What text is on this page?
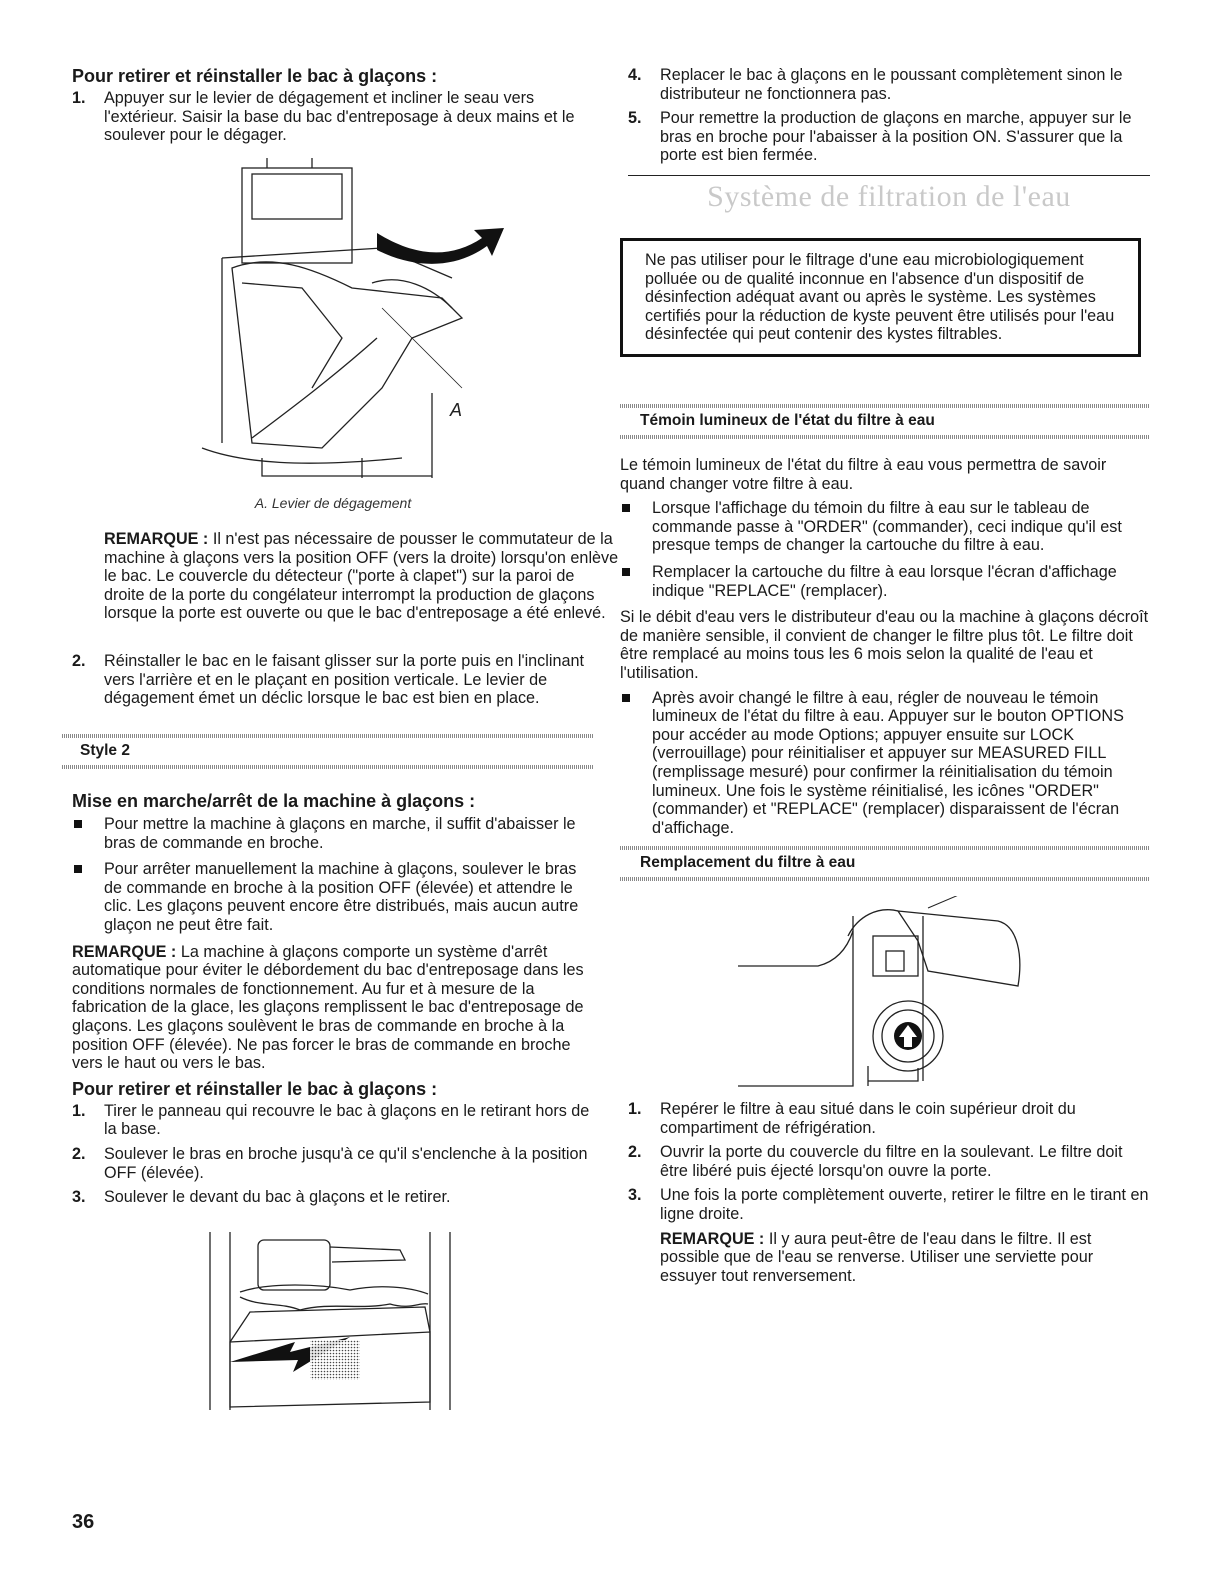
Pour retirer et réinstaller le bac à glaçons :
1. Appuyer sur le levier de dégagement et incliner le seau vers l'extérieur. Saisir la base du bac d'entreposage à deux mains et le soulever pour le dégager.
A
A. Levier de dégagement

REMARQUE : Il n'est pas nécessaire de pousser le commutateur de la machine à glaçons vers la position OFF (vers la droite) lorsqu'on enlève le bac. Le couvercle du détecteur ("porte à clapet") sur la paroi de droite de la porte du congélateur interrompt la production de glaçons lorsque la porte est ouverte ou que le bac d'entreposage a été enlevé.

2. Réinstaller le bac en le faisant glisser sur la porte puis en l'inclinant vers l'arrière et en le plaçant en position verticale. Le levier de dégagement émet un déclic lorsque le bac est bien en place.
Style 2
Mise en marche/arrêt de la machine à glaçons :
Pour mettre la machine à glaçons en marche, il suffit d'abaisser le bras de commande en broche.
Pour arrêter manuellement la machine à glaçons, soulever le bras de commande en broche à la position OFF (élevée) et attendre le clic. Les glaçons peuvent encore être distribués, mais aucun autre glaçon ne peut être fait.

REMARQUE : La machine à glaçons comporte un système d'arrêt automatique pour éviter le débordement du bac d'entreposage dans les conditions normales de fonctionnement. Au fur et à mesure de la fabrication de la glace, les glaçons remplissent le bac d'entreposage de glaçons. Les glaçons soulèvent le bras de commande en broche à la position OFF (élevée). Ne pas forcer le bras de commande en broche vers le haut ou vers le bas.

Pour retirer et réinstaller le bac à glaçons :
1. Tirer le panneau qui recouvre le bac à glaçons en le retirant hors de la base.
2. Soulever le bras en broche jusqu'à ce qu'il s'enclenche à la position OFF (élevée).
3. Soulever le devant du bac à glaçons et le retirer.
4. Replacer le bac à glaçons en le poussant complètement sinon le distributeur ne fonctionnera pas.
5. Pour remettre la production de glaçons en marche, appuyer sur le bras en broche pour l'abaisser à la position ON. S'assurer que la porte est bien fermée.
Système de filtration de l'eau

Ne pas utiliser pour le filtrage d'une eau microbiologiquement polluée ou de qualité inconnue en l'absence d'un dispositif de désinfection adéquat avant ou après le système. Les systèmes certifiés pour la réduction de kyste peuvent être utilisés pour l'eau désinfectée qui peut contenir des kystes filtrables.

Témoin lumineux de l'état du filtre à eau

Le témoin lumineux de l'état du filtre à eau vous permettra de savoir quand changer votre filtre à eau.

Lorsque l'affichage du témoin du filtre à eau sur le tableau de commande passe à "ORDER" (commander), ceci indique qu'il est presque temps de changer la cartouche du filtre à eau.
Remplacer la cartouche du filtre à eau lorsque l'écran d'affichage indique "REPLACE" (remplacer).

Si le débit d'eau vers le distributeur d'eau ou la machine à glaçons décroît de manière sensible, il convient de changer le filtre plus tôt. Le filtre doit être remplacé au moins tous les 6 mois selon la qualité de l'eau et l'utilisation.

Après avoir changé le filtre à eau, régler de nouveau le témoin lumineux de l'état du filtre à eau. Appuyer sur le bouton OPTIONS pour accéder au mode Options; appuyer ensuite sur LOCK (verrouillage) pour réinitialiser et appuyer sur MEASURED FILL (remplissage mesuré) pour confirmer la réinitialisation du témoin lumineux. Une fois le système réinitialisé, les icônes "ORDER" (commander) et "REPLACE" (remplacer) disparaissent de l'écran d'affichage.
Remplacement du filtre à eau
1. Repérer le filtre à eau situé dans le coin supérieur droit du compartiment de réfrigération.
2. Ouvrir la porte du couvercle du filtre en la soulevant. Le filtre doit être libéré puis éjecté lorsqu'on ouvre la porte.
3. Une fois la porte complètement ouverte, retirer le filtre en le tirant en ligne droite.

REMARQUE : Il y aura peut-être de l'eau dans le filtre. Il est possible que de l'eau se renverse. Utiliser une serviette pour essuyer tout renversement.

36
